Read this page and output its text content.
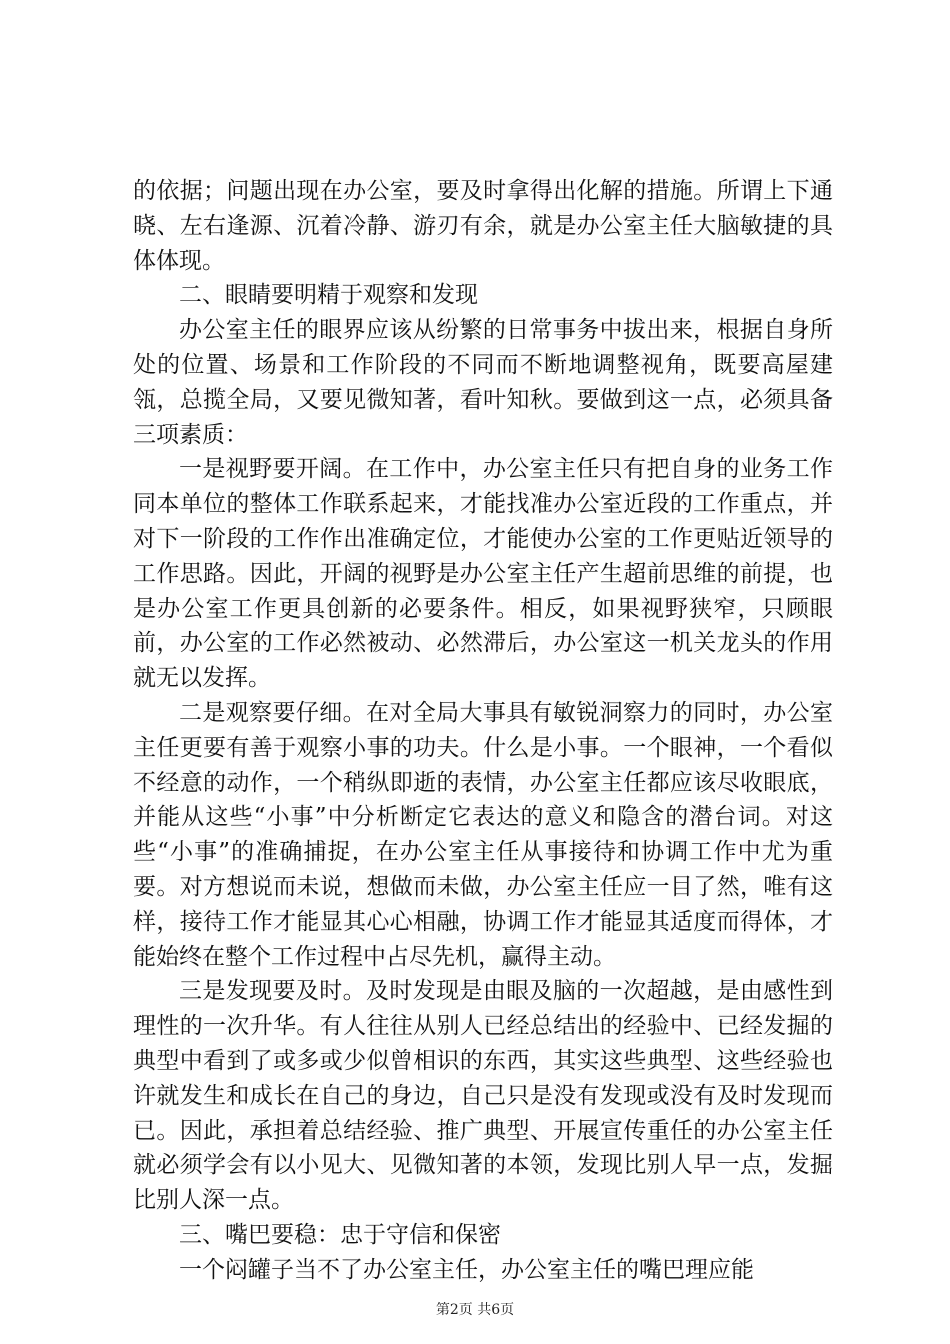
的依据；问题出现在办公室，要及时拿得出化解的措施。所谓上下通晓、左右逢源、沉着冷静、游刃有余，就是办公室主任大脑敏捷的具体体现。

二、眼睛要明精于观察和发现

办公室主任的眼界应该从纷繁的日常事务中拔出来，根据自身所处的位置、场景和工作阶段的不同而不断地调整视角，既要高屋建瓴，总揽全局，又要见微知著，看叶知秋。要做到这一点，必须具备三项素质：

一是视野要开阔。在工作中，办公室主任只有把自身的业务工作同本单位的整体工作联系起来，才能找准办公室近段的工作重点，并对下一阶段的工作作出准确定位，才能使办公室的工作更贴近领导的工作思路。因此，开阔的视野是办公室主任产生超前思维的前提，也是办公室工作更具创新的必要条件。相反，如果视野狭窄，只顾眼前，办公室的工作必然被动、必然滞后，办公室这一机关龙头的作用就无以发挥。

二是观察要仔细。在对全局大事具有敏锐洞察力的同时，办公室主任更要有善于观察小事的功夫。什么是小事。一个眼神，一个看似不经意的动作，一个稍纵即逝的表情，办公室主任都应该尽收眼底，并能从这些“小事”中分析断定它表达的意义和隐含的潜台词。对这些“小事”的准确捕捉，在办公室主任从事接待和协调工作中尤为重要。对方想说而未说，想做而未做，办公室主任应一目了然，唯有这样，接待工作才能显其心心相融，协调工作才能显其适度而得体，才能始终在整个工作过程中占尽先机，赢得主动。

三是发现要及时。及时发现是由眼及脑的一次超越，是由感性到理性的一次升华。有人往往从别人已经总结出的经验中、已经发掘的典型中看到了或多或少似曾相识的东西，其实这些典型、这些经验也许就发生和成长在自己的身边，自己只是没有发现或没有及时发现而已。因此，承担着总结经验、推广典型、开展宣传重任的办公室主任就必须学会有以小见大、见微知著的本领，发现比别人早一点，发掘比别人深一点。

三、嘴巴要稳：忠于守信和保密

一个闷罐子当不了办公室主任，办公室主任的嘴巴理应能

第2页 共6页
